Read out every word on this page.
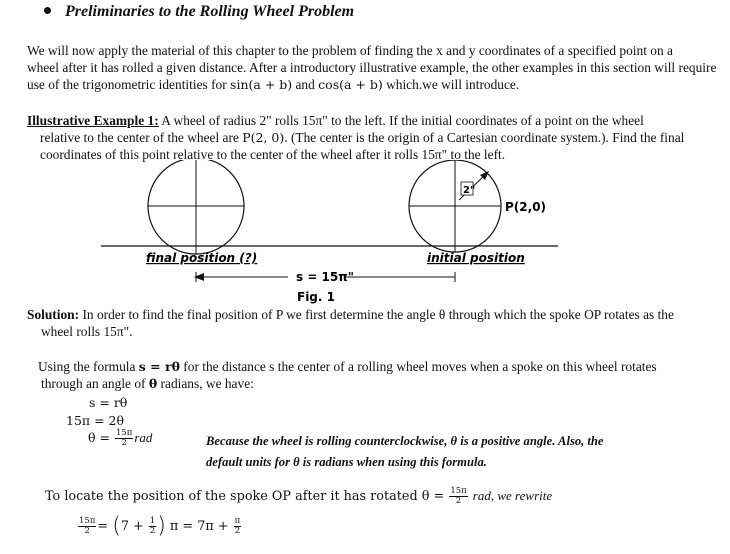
Preliminaries to the Rolling Wheel Problem
We will now apply the material of this chapter to the problem of finding the x and y coordinates of a specified point on a
wheel after it has rolled a given distance. After a introductory illustrative example, the other examples in this section will require
use of the trigonometric identities for sin(a + b) and cos(a + b) which.we will introduce.
Illustrative Example 1: A wheel of radius 2" rolls 15π" to the left. If the initial coordinates of a point on the wheel
relative to the center of the wheel are P(2, 0). (The center is the origin of a Cartesian coordinate system.). Find the final
coordinates of this point relative to the center of the wheel after it rolls 15π" to the left.
2"
P(2,0)
final position (?)	initial position
s = 15π"
Fig. 1
Solution: In order to find the final position of P we first determine the angle θ through which the spoke OP rotates as the
wheel rolls 15π".
Using the formula s = rθ for the distance s the center of a rolling wheel moves when a spoke on this wheel rotates
through an angle of θ radians, we have:
s = rθ
15π = 2θ
$\theta = \frac{15\pi}{2}$ rad	Because the wheel is rolling counterclockwise, θ is a positive angle. Also, the
default units for θ is radians when using this formula.
To locate the position of the spoke OP after it has rotated $\theta = \frac{15\pi}{2}$ rad, we rewrite
$\frac{15\pi}{2} = (7 + \frac{1}{2}$ ) $\pi = 7\pi + \frac{\pi}{2}$
